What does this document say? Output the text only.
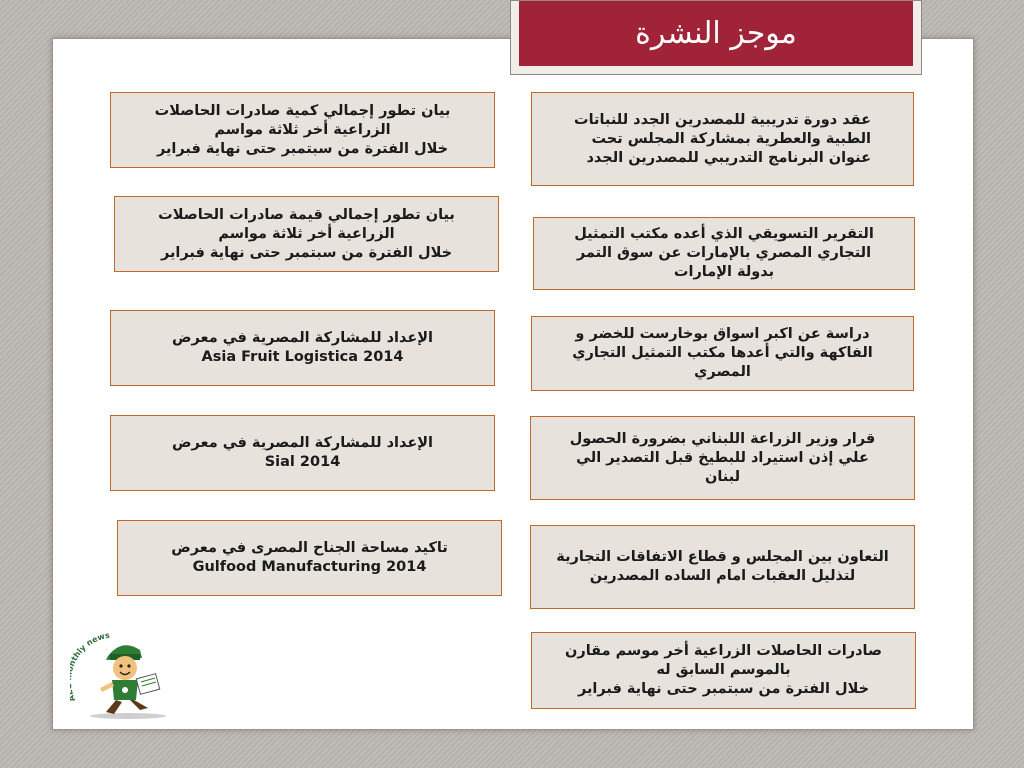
موجز النشرة
بيان تطور إجمالي كمية صادرات الحاصلات
الزراعية أخر ثلاثة مواسم
خلال الفترة من سبتمبر حتى نهاية فبراير
بيان تطور إجمالي قيمة صادرات الحاصلات
الزراعية أخر ثلاثة مواسم
خلال الفترة من سبتمبر حتى نهاية فبراير
الإعداد للمشاركة المصرية في معرض
Asia Fruit Logistica 2014
الإعداد للمشاركة المصرية في معرض
Sial 2014
تاكيد مساحة الجناح المصرى في معرض
Gulfood Manufacturing 2014
عقد دورة تدريبية للمصدرين الجدد للنباتات
الطبية والعطرية بمشاركة المجلس تحت
عنوان البرنامج التدريبي للمصدرين الجدد
التقرير التسويقي الذي أعده مكتب التمثيل
التجاري المصري بالإمارات عن سوق التمر
بدولة الإمارات
دراسة عن اكبر اسواق بوخارست للخضر و
الفاكهة والتي أعدها مكتب التمثيل التجاري
المصري
قرار وزير الزراعة اللبناني بضرورة الحصول
علي إذن استيراد للبطيخ قبل التصدير الي
لبنان
التعاون بين المجلس و قطاع الاتفاقات التجارية
لتذليل العقبات امام الساده المصدرين
صادرات الحاصلات الزراعية أخر موسم مقارن
بالموسم السابق له
خلال الفترة من سبتمبر حتى نهاية فبراير
thly news
